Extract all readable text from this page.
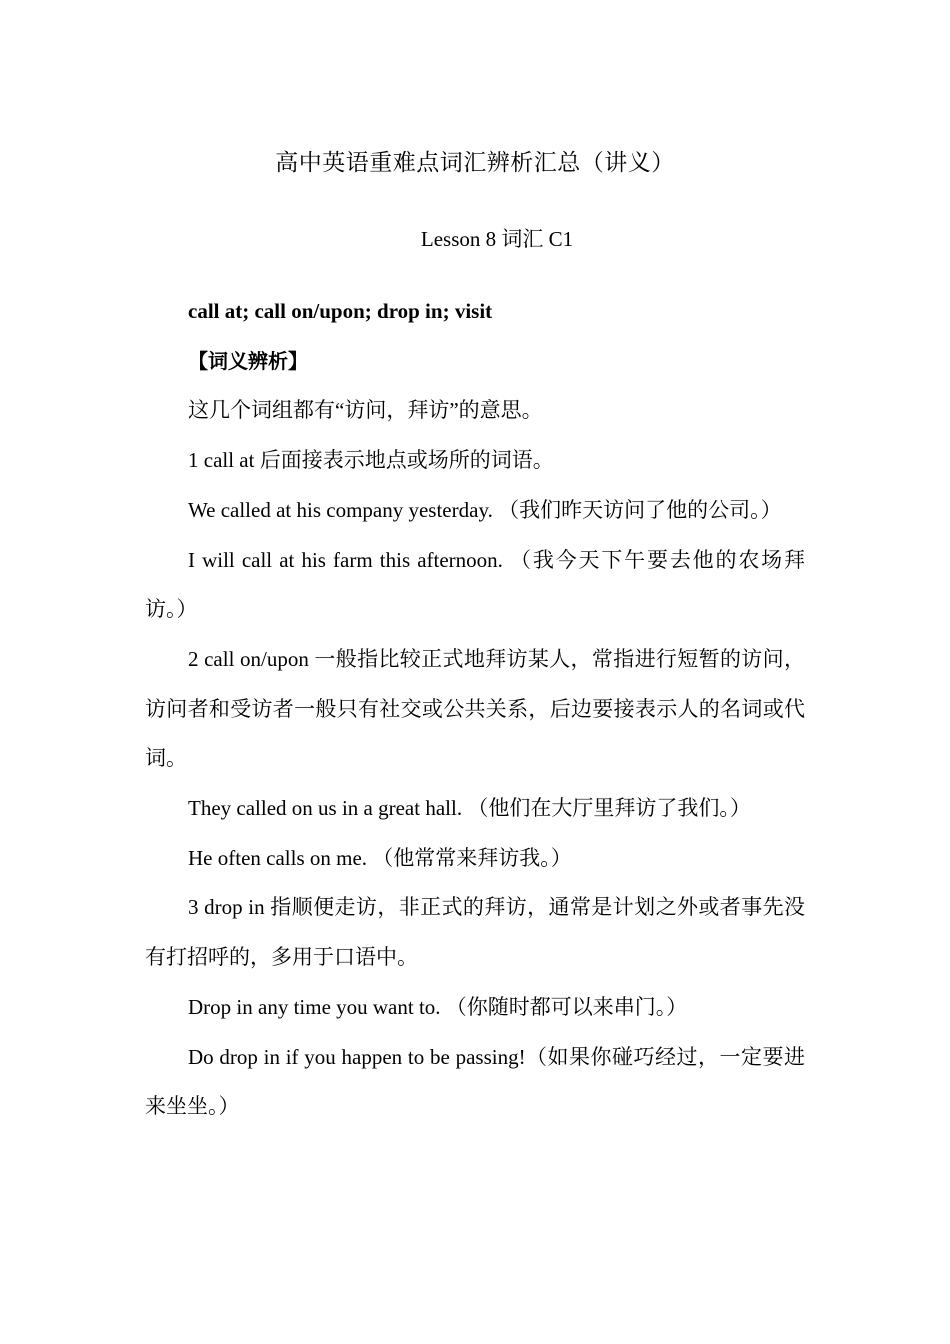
高中英语重难点词汇辨析汇总（讲义）
Lesson 8 词汇 C1

call at; call on/upon; drop in; visit

【词义辨析】

这几个词组都有“访问，拜访”的意思。

1 call at 后面接表示地点或场所的词语。

We called at his company yesterday. （我们昨天访问了他的公司。）

I will call at his farm this afternoon. （我今天下午要去他的农场拜访。）

2 call on/upon 一般指比较正式地拜访某人，常指进行短暂的访问，访问者和受访者一般只有社交或公共关系，后边要接表示人的名词或代词。

They called on us in a great hall. （他们在大厅里拜访了我们。）

He often calls on me. （他常常来拜访我。）

3 drop in 指顺便走访，非正式的拜访，通常是计划之外或者事先没有打招呼的，多用于口语中。

Drop in any time you want to. （你随时都可以来串门。）

Do drop in if you happen to be passing!（如果你碰巧经过，一定要进来坐坐。）
